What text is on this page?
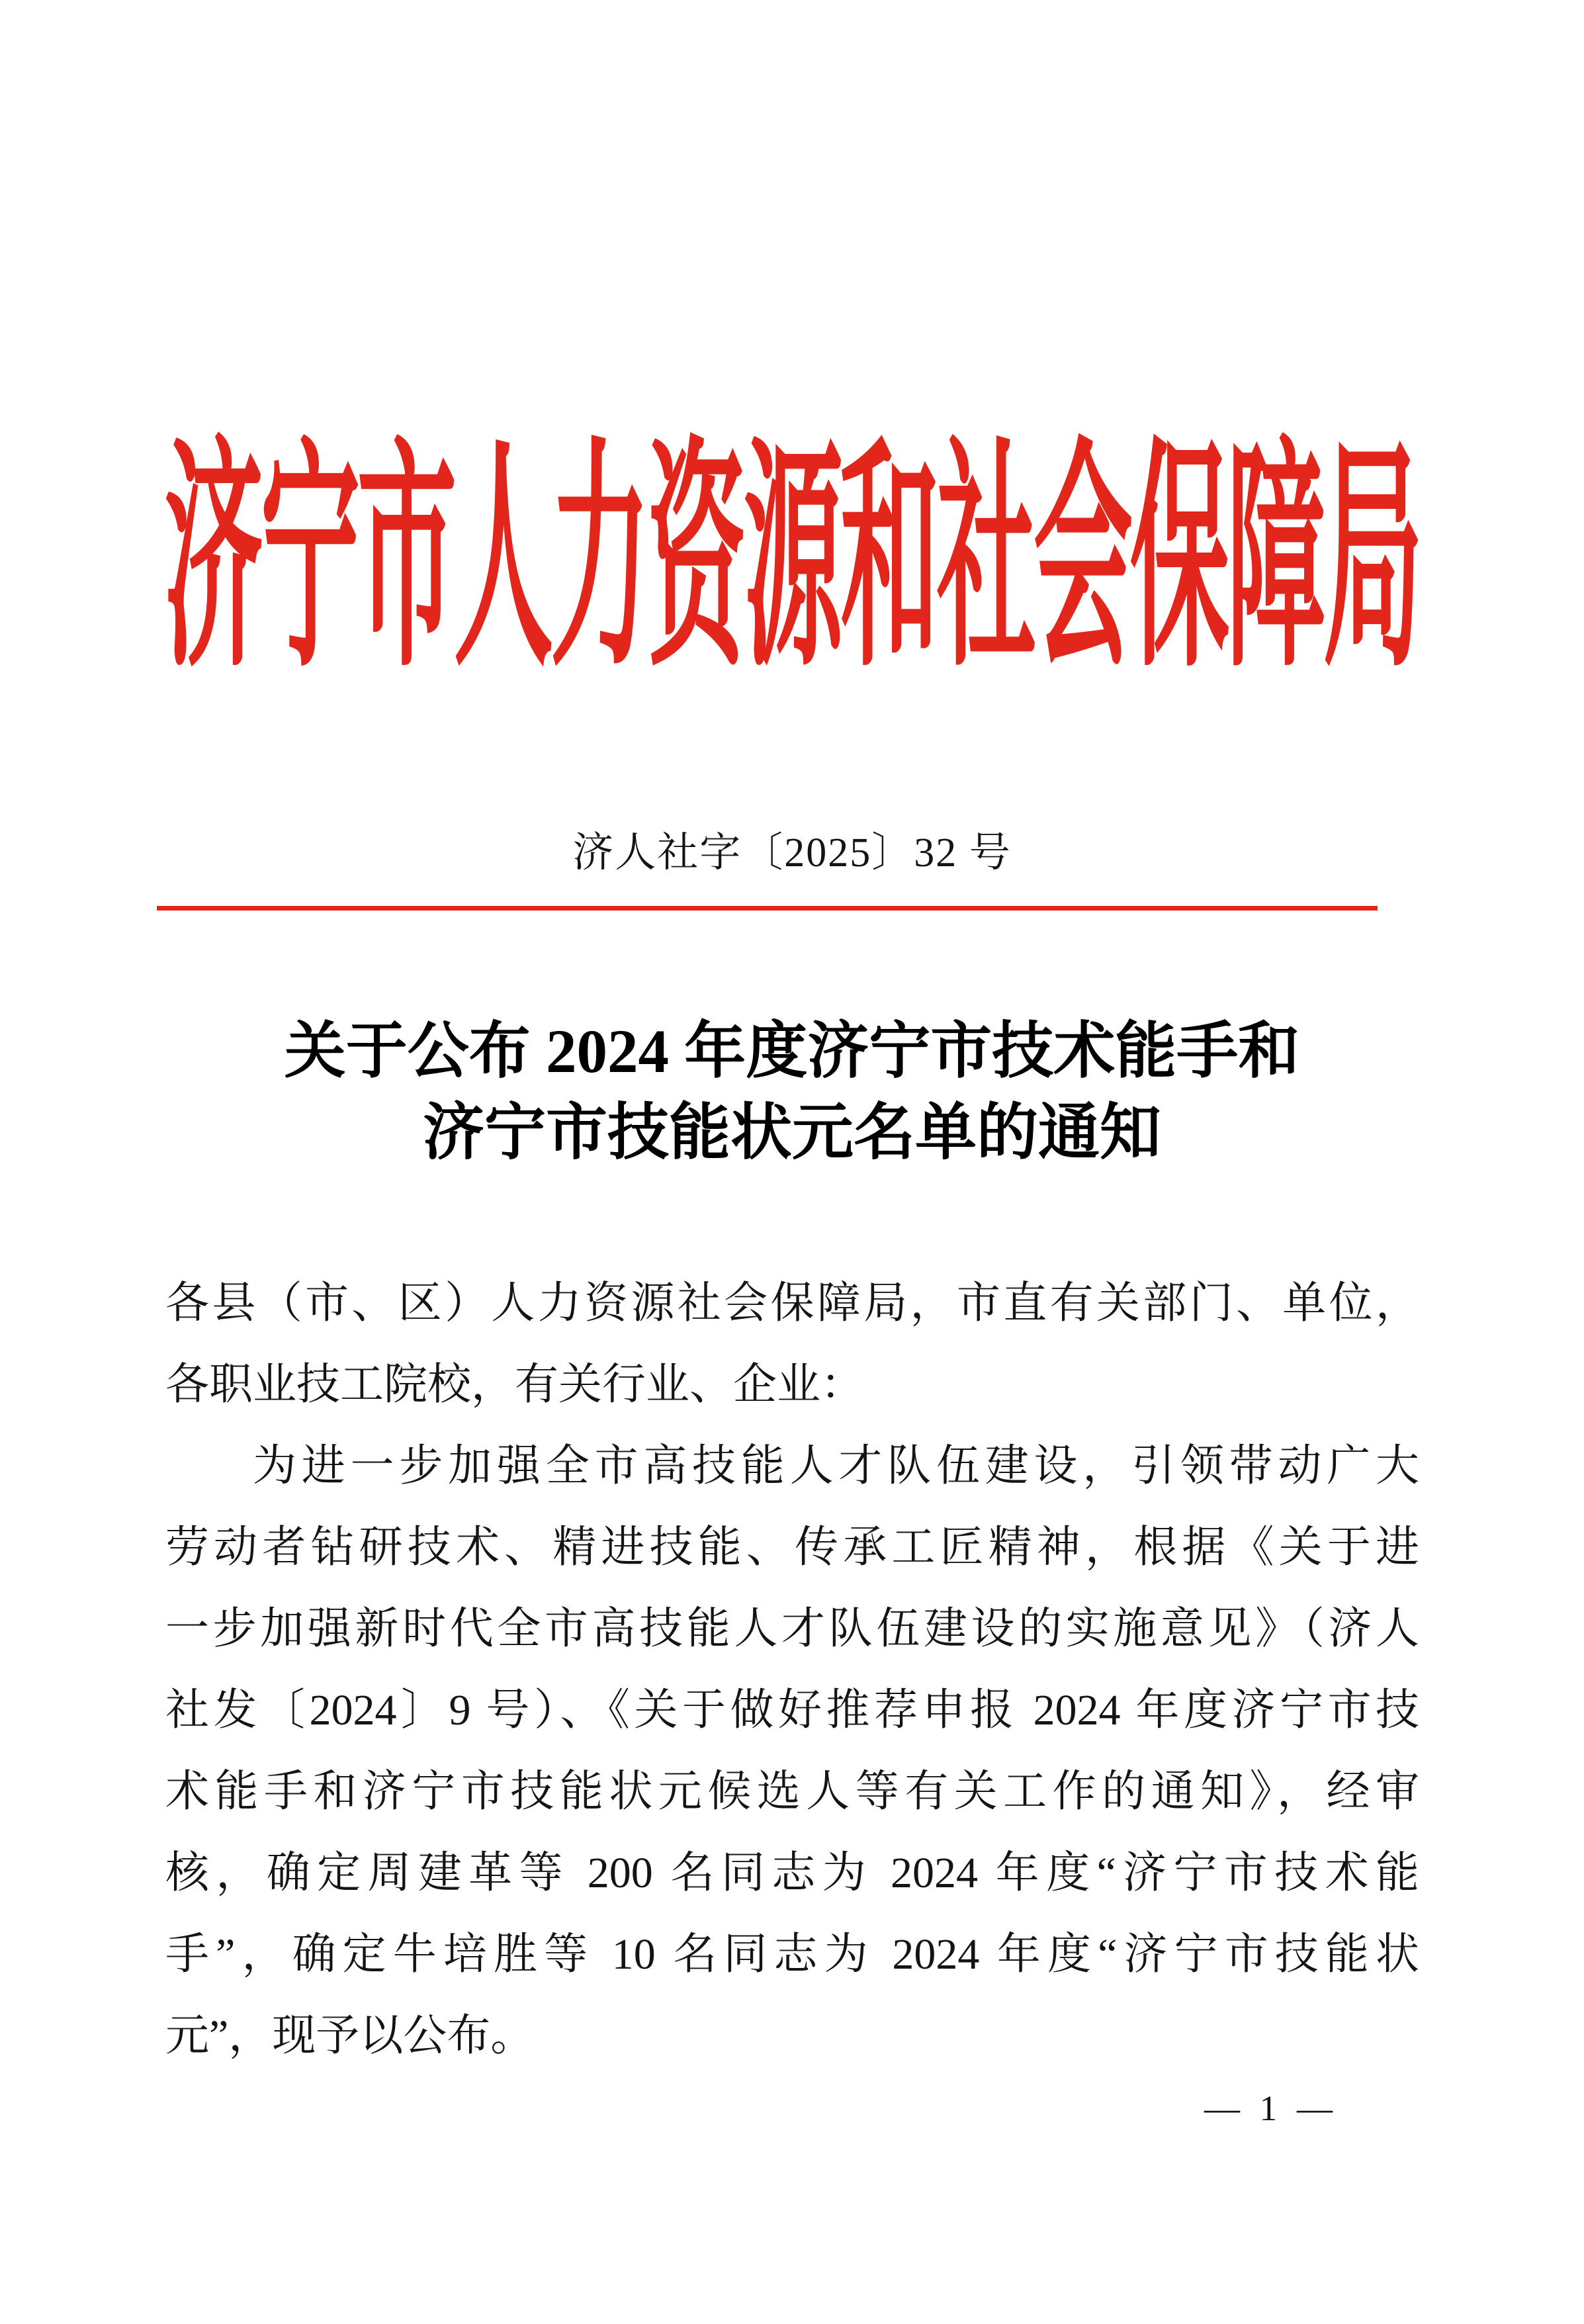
济宁市人力资源和社会保障局
济人社字〔2025〕32 号
关于公布 2024 年度济宁市技术能手和
济宁市技能状元名单的通知
各县（市、区）人力资源社会保障局，市直有关部门、单位，
各职业技工院校，有关行业、企业：
为进一步加强全市高技能人才队伍建设，引领带动广大
劳动者钻研技术、精进技能、传承工匠精神，根据《关于进
一步加强新时代全市高技能人才队伍建设的实施意见》（济人
社发〔2024〕9 号）、《关于做好推荐申报 2024 年度济宁市技
术能手和济宁市技能状元候选人等有关工作的通知》，经审
核，确定周建革等 200 名同志为 2024 年度“济宁市技术能
手”，确定牛培胜等 10 名同志为 2024 年度“济宁市技能状
元”，现予以公布。
— 1 —
